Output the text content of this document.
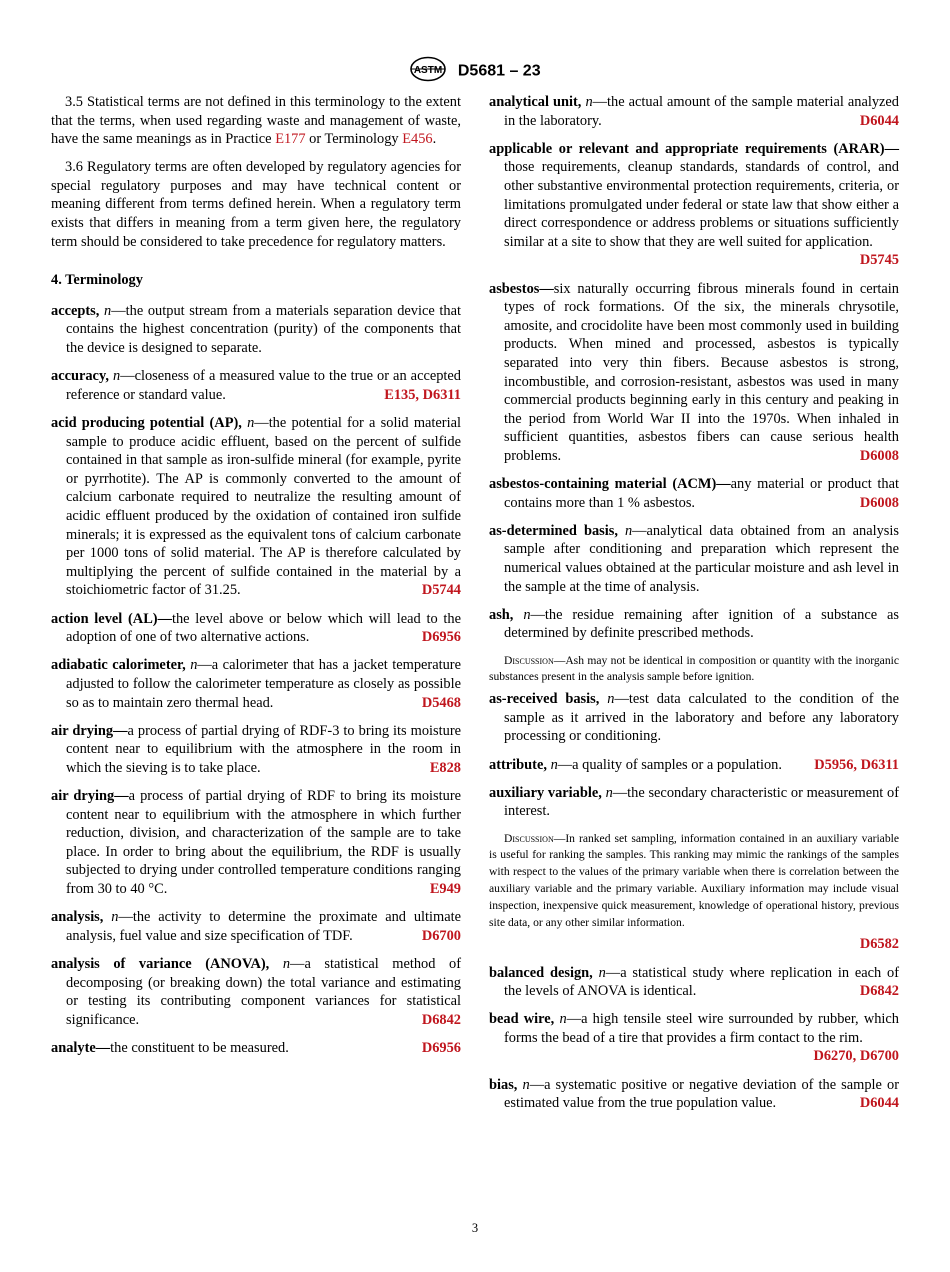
ASTM D5681 – 23

3.5 Statistical terms are not defined in this terminology to the extent that the terms, when used regarding waste and management of waste, have the same meanings as in Practice E177 or Terminology E456.

3.6 Regulatory terms are often developed by regulatory agencies for special regulatory purposes and may have technical content or meaning different from terms defined herein. When a regulatory term exists that differs in meaning from a term given here, the regulatory term should be considered to take precedence for regulatory matters.

4. Terminology

accepts, n—the output stream from a materials separation device that contains the highest concentration (purity) of the components that the device is designed to separate.

accuracy, n—closeness of a measured value to the true or an accepted reference or standard value.	E135, D6311

acid producing potential (AP), n—the potential for a solid material sample to produce acidic effluent, based on the percent of sulfide contained in that sample as iron-sulfide mineral (for example, pyrite or pyrrhotite). The AP is commonly converted to the amount of calcium carbonate required to neutralize the resulting amount of acidic effluent produced by the oxidation of contained iron sulfide minerals; it is expressed as the equivalent tons of calcium carbonate per 1000 tons of solid material. The AP is therefore calculated by multiplying the percent of sulfide contained in the material by a stoichiometric factor of 31.25.	D5744

action level (AL)—the level above or below which will lead to the adoption of one of two alternative actions.	D6956

adiabatic calorimeter, n—a calorimeter that has a jacket temperature adjusted to follow the calorimeter temperature as closely as possible so as to maintain zero thermal head.	D5468

air drying—a process of partial drying of RDF-3 to bring its moisture content near to equilibrium with the atmosphere in the room in which the sieving is to take place.	E828

air drying—a process of partial drying of RDF to bring its moisture content near to equilibrium with the atmosphere in which further reduction, division, and characterization of the sample are to take place. In order to bring about the equilibrium, the RDF is usually subjected to drying under controlled temperature conditions ranging from 30 to 40 °C.	E949

analysis, n—the activity to determine the proximate and ultimate analysis, fuel value and size specification of TDF.	D6700

analysis of variance (ANOVA), n—a statistical method of decomposing (or breaking down) the total variance and estimating or testing its contributing component variances for statistical significance.	D6842

analyte—the constituent to be measured.	D6956

analytical unit, n—the actual amount of the sample material analyzed in the laboratory.	D6044

applicable or relevant and appropriate requirements (ARAR)—those requirements, cleanup standards, standards of control, and other substantive environmental protection requirements, criteria, or limitations promulgated under federal or state law that show either a direct correspondence or address problems or situations sufficiently similar at a site to show that they are well suited for application.
D5745

asbestos—six naturally occurring fibrous minerals found in certain types of rock formations. Of the six, the minerals chrysotile, amosite, and crocidolite have been most commonly used in building products. When mined and processed, asbestos is typically separated into very thin fibers. Because asbestos is strong, incombustible, and corrosion-resistant, asbestos was used in many commercial products beginning early in this century and peaking in the period from World War II into the 1970s. When inhaled in sufficient quantities, asbestos fibers can cause serious health problems.	D6008

asbestos-containing material (ACM)—any material or product that contains more than 1 % asbestos.	D6008

as-determined basis, n—analytical data obtained from an analysis sample after conditioning and preparation which represent the numerical values obtained at the particular moisture and ash level in the sample at the time of analysis.

ash, n—the residue remaining after ignition of a substance as determined by definite prescribed methods.

Discussion—Ash may not be identical in composition or quantity with the inorganic substances present in the analysis sample before ignition.

as-received basis, n—test data calculated to the condition of the sample as it arrived in the laboratory and before any laboratory processing or conditioning.

attribute, n—a quality of samples or a population. D5956, D6311

auxiliary variable, n—the secondary characteristic or measurement of interest.

Discussion—In ranked set sampling, information contained in an auxiliary variable is useful for ranking the samples. This ranking may mimic the rankings of the samples with respect to the values of the primary variable when there is correlation between the auxiliary variable and the primary variable. Auxiliary information may include visual inspection, inexpensive quick measurement, knowledge of operational history, previous site data, or any other similar information.

D6582

balanced design, n—a statistical study where replication in each of the levels of ANOVA is identical.	D6842

bead wire, n—a high tensile steel wire surrounded by rubber, which forms the bead of a tire that provides a firm contact to the rim.
D6270, D6700

bias, n—a systematic positive or negative deviation of the sample or estimated value from the true population value.	D6044

3
